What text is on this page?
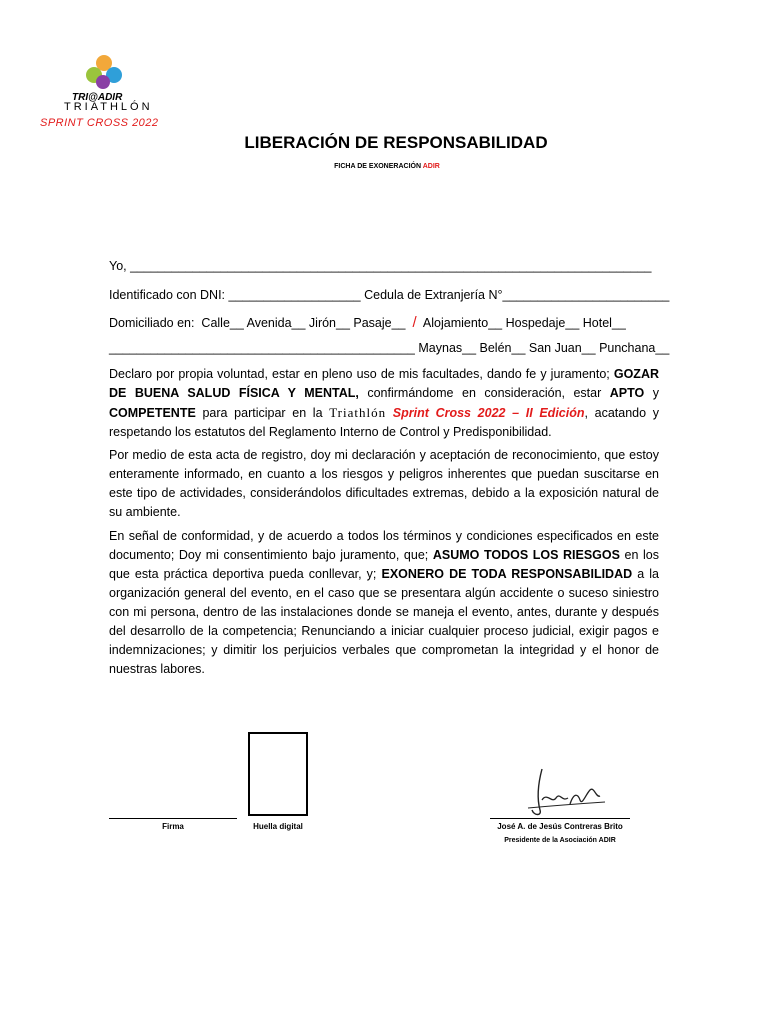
TRI@ADIR
TRIATHLÓN
SPRINT CROSS 2022
LIBERACIÓN DE RESPONSABILIDAD
FICHA DE EXONERACIÓN ADIR
Yo, ___________________________________________________________________________
Identificado con DNI: ___________________ Cedula de Extranjería N°________________________
Domiciliado en: Calle__ Avenida__ Jirón__ Pasaje__ / Alojamiento__ Hospedaje__ Hotel__
____________________________________________ Maynas__ Belén__ San Juan__ Punchana__
Declaro por propia voluntad, estar en pleno uso de mis facultades, dando fe y juramento; GOZAR DE BUENA SALUD FÍSICA Y MENTAL, confirmándome en consideración, estar APTO y COMPETENTE para participar en la Triathlón Sprint Cross 2022 – II Edición, acatando y respetando los estatutos del Reglamento Interno de Control y Predisponibilidad.
Por medio de esta acta de registro, doy mi declaración y aceptación de reconocimiento, que estoy enteramente informado, en cuanto a los riesgos y peligros inherentes que puedan suscitarse en este tipo de actividades, considerándolos dificultades extremas, debido a la exposición natural de su ambiente.
En señal de conformidad, y de acuerdo a todos los términos y condiciones especificados en este documento; Doy mi consentimiento bajo juramento, que; ASUMO TODOS LOS RIESGOS en los que esta práctica deportiva pueda conllevar, y; EXONERO DE TODA RESPONSABILIDAD a la organización general del evento, en el caso que se presentara algún accidente o suceso siniestro con mi persona, dentro de las instalaciones donde se maneja el evento, antes, durante y después del desarrollo de la competencia; Renunciando a iniciar cualquier proceso judicial, exigir pagos e indemnizaciones; y dimitir los perjuicios verbales que comprometan la integridad y el honor de nuestras labores.
Firma	Huella digital	José A. de Jesús Contreras Brito
Presidente de la Asociación ADIR
